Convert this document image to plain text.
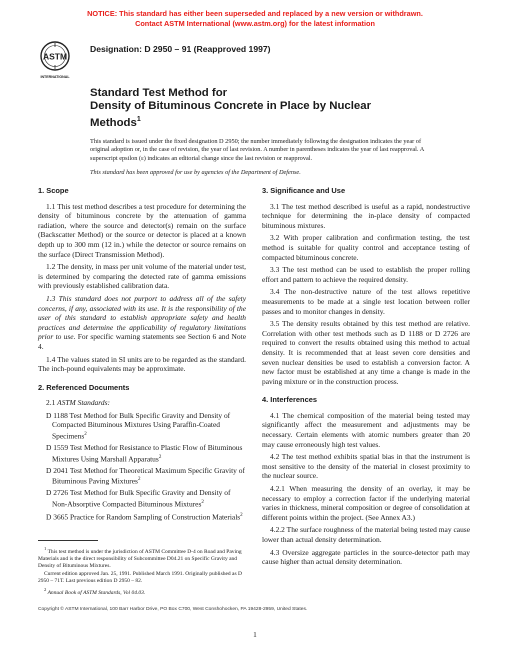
NOTICE: This standard has either been superseded and replaced by a new version or withdrawn.
Contact ASTM International (www.astm.org) for the latest information
ASTM
INTERNATIONAL
Designation: D 2950 – 91 (Reapproved 1997)
Standard Test Method for
Density of Bituminous Concrete in Place by Nuclear
Methods$^1$

This standard is issued under the fixed designation D 2950; the number immediately following the designation indicates the year of original adoption or, in the case of revision, the year of last revision. A number in parentheses indicates the year of last reapproval. A superscript epsilon (ε) indicates an editorial change since the last revision or reapproval.

This standard has been approved for use by agencies of the Department of Defense.

1. Scope

1.1 This test method describes a test procedure for determining the density of bituminous concrete by the attenuation of gamma radiation, where the source and detector(s) remain on the surface (Backscatter Method) or the source or detector is placed at a known depth up to 300 mm (12 in.) while the detector or source remains on the surface (Direct Transmission Method).

1.2 The density, in mass per unit volume of the material under test, is determined by comparing the detected rate of gamma emissions with previously established calibration data.

1.3 This standard does not purport to address all of the safety concerns, if any, associated with its use. It is the responsibility of the user of this standard to establish appropriate safety and health practices and determine the applicability of regulatory limitations prior to use. For specific warning statements see Section 6 and Note 4.

1.4 The values stated in SI units are to be regarded as the standard. The inch-pound equivalents may be approximate.

2. Referenced Documents

2.1 ASTM Standards:

D 1188 Test Method for Bulk Specific Gravity and Density of Compacted Bituminous Mixtures Using Paraffin-Coated Specimens$^2$
D 1559 Test Method for Resistance to Plastic Flow of Bituminous Mixtures Using Marshall Apparatus$^2$
D 2041 Test Method for Theoretical Maximum Specific Gravity of Bituminous Paving Mixtures$^2$
D 2726 Test Method for Bulk Specific Gravity and Density of Non-Absorptive Compacted Bituminous Mixtures$^2$
D 3665 Practice for Random Sampling of Construction Materials$^2$
3. Significance and Use

3.1 The test method described is useful as a rapid, nondestructive technique for determining the in-place density of compacted bituminous mixtures.

3.2 With proper calibration and confirmation testing, the test method is suitable for quality control and acceptance testing of compacted bituminous concrete.

3.3 The test method can be used to establish the proper rolling effort and pattern to achieve the required density.

3.4 The non-destructive nature of the test allows repetitive measurements to be made at a single test location between roller passes and to monitor changes in density.

3.5 The density results obtained by this test method are relative. Correlation with other test methods such as D 1188 or D 2726 are required to convert the results obtained using this method to actual density. It is recommended that at least seven core densities and seven nuclear densities be used to establish a conversion factor. A new factor must be established at any time a change is made in the paving mixture or in the construction process.

4. Interferences

4.1 The chemical composition of the material being tested may significantly affect the measurement and adjustments may be necessary. Certain elements with atomic numbers greater than 20 may cause erroneously high test values.

4.2 The test method exhibits spatial bias in that the instrument is most sensitive to the density of the material in closest proximity to the nuclear source.

4.2.1 When measuring the density of an overlay, it may be necessary to employ a correction factor if the underlying material varies in thickness, mineral composition or degree of consolidation at different points within the project. (See Annex A3.)

4.2.2 The surface roughness of the material being tested may cause lower than actual density determination.

4.3 Oversize aggregate particles in the source-detector path may cause higher than actual density determination.

$^1$ This test method is under the jurisdiction of ASTM Committee D-4 on Road and Paving Materials and is the direct responsibility of Subcommittee D04.21 on Specific Gravity and Density of Bituminous Mixtures.

Current edition approved Jan. 25, 1991. Published March 1991. Originally published as D 2950 – 71T. Last previous edition D 2950 – 82.

$^2$ Annual Book of ASTM Standards, Vol 04.03.

Copyright © ASTM International, 100 Barr Harbor Drive, PO Box C700, West Conshohocken, PA 19428-2959, United States.
1
